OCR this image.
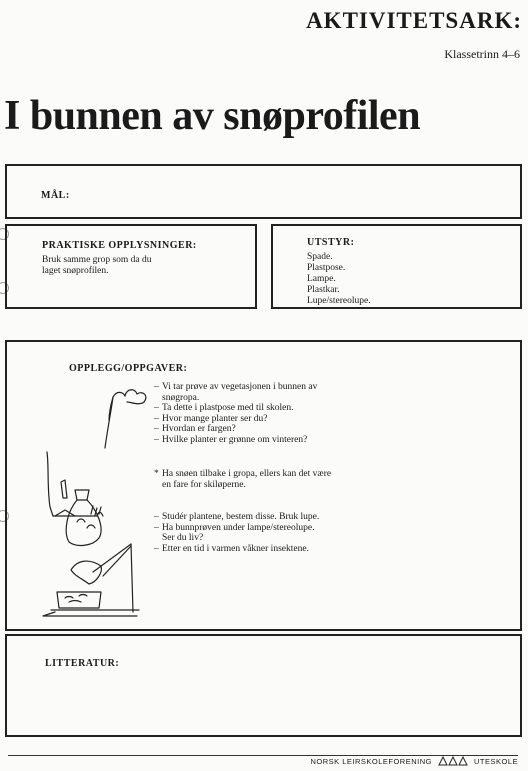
AKTIVITETSARK:
Klassetrinn 4–6
I bunnen av snøprofilen
MÅL:
PRAKTISKE OPPLYSNINGER:
Bruk samme grop som da du
laget snøprofilen.
UTSTYR:
Spade.
Plastpose.
Lampe.
Plastkar.
Lupe/stereolupe.
OPPLEGG/OPPGAVER:
– Vi tar prøve av vegetasjonen i bunnen av
snøgropa.
– Ta dette i plastpose med til skolen.
– Hvor mange planter ser du?
– Hvordan er fargen?
– Hvilke planter er grønne om vinteren?
* Ha snøen tilbake i gropa, ellers kan det være
en fare for skiløperne.
– Studér plantene, bestem disse. Bruk lupe.
– Ha bunnprøven under lampe/stereolupe.
Ser du liv?
– Etter en tid i varmen våkner insektene.
LITTERATUR:
NORSK LEIRSKOLEFORENING	UTESKOLE
